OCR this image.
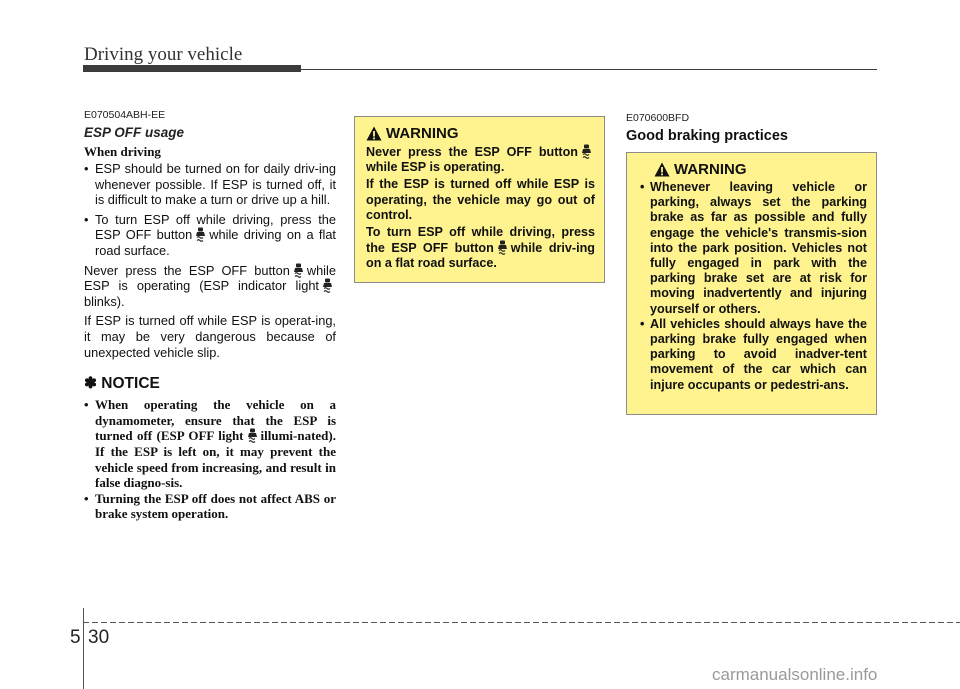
Driving your vehicle
E070504ABH-EE
ESP OFF usage
When driving
• ESP should be turned on for daily driv-ing whenever possible. If ESP is turned off, it is difficult to make a turn or drive up a hill.
• To turn ESP off while driving, press the ESP OFF button while driving on a flat road surface.
Never press the ESP OFF button while ESP is operating (ESP indicator lightblinks).
If ESP is turned off while ESP is operat-ing, it may be very dangerous because of unexpected vehicle slip.
✽ NOTICE
• When operating the vehicle on a dynamometer, ensure that the ESP is turned off (ESP OFF light illumi-nated). If the ESP is left on, it may prevent the vehicle speed from increasing, and result in false diagno-sis.
• Turning the ESP off does not affect ABS or brake system operation.
WARNING
Never press the ESP OFF buttonwhile ESP is operating.
If the ESP is turned off while ESP is operating, the vehicle may go out of control.
To turn ESP off while driving, press the ESP OFF button while driv-ing on a flat road surface.
E070600BFD
Good braking practices
WARNING
• Whenever leaving vehicle or parking, always set the parking brake as far as possible and fully engage the vehicle's transmis-sion into the park position. Vehicles not fully engaged in park with the parking brake set are at risk for moving inadvertently and injuring yourself or others.
• All vehicles should always have the parking brake fully engaged when parking to avoid inadver-tent movement of the car which can injure occupants or pedestri-ans.
5 30
carmanualsonline.info
